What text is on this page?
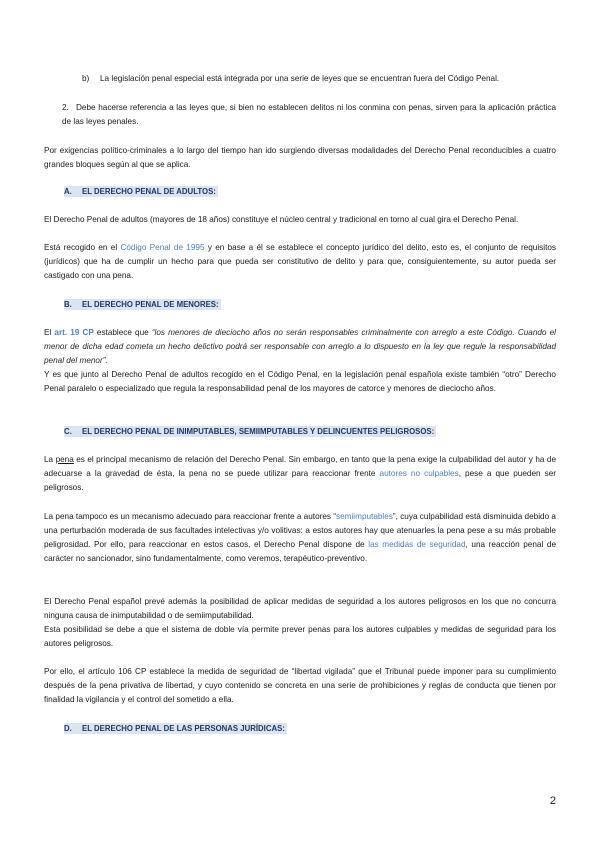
b) La legislación penal especial está integrada por una serie de leyes que se encuentran fuera del Código Penal.

2. Debe hacerse referencia a las leyes que, si bien no establecen delitos ni los conmina con penas, sirven para la aplicación práctica de las leyes penales.

Por exigencias político-criminales a lo largo del tiempo han ido surgiendo diversas modalidades del Derecho Penal reconducibles a cuatro grandes bloques según al que se aplica.

A. EL DERECHO PENAL DE ADULTOS:

El Derecho Penal de adultos (mayores de 18 años) constituye el núcleo central y tradicional en torno al cual gira el Derecho Penal.

Está recogido en el Código Penal de 1995 y en base a él se establece el concepto jurídico del delito, esto es, el conjunto de requisitos (jurídicos) que ha de cumplir un hecho para que pueda ser constitutivo de delito y para que, consiguientemente, su autor pueda ser castigado con una pena.

B. EL DERECHO PENAL DE MENORES:

El art. 19 CP establece que “los menores de dieciocho años no serán responsables criminalmente con arreglo a este Código. Cuando el menor de dicha edad cometa un hecho delictivo podrá ser responsable con arreglo a lo dispuesto en la ley que regule la responsabilidad penal del menor”.

Y es que junto al Derecho Penal de adultos recogido en el Código Penal, en la legislación penal española existe también “otro” Derecho Penal paralelo o especializado que regula la responsabilidad penal de los mayores de catorce y menores de dieciocho años.

C. EL DERECHO PENAL DE INIMPUTABLES, SEMIIMPUTABLES Y DELINCUENTES PELIGROSOS:

La pena es el principal mecanismo de relación del Derecho Penal. Sin embargo, en tanto que la pena exige la culpabilidad del autor y ha de adecuarse a la gravedad de ésta, la pena no se puede utilizar para reaccionar frente autores no culpables, pese a que pueden ser peligrosos.

La pena tampoco es un mecanismo adecuado para reaccionar frente a autores “semiimputables”, cuya culpabilidad está disminuida debido a una perturbación moderada de sus facultades intelectivas y/o volitivas: a estos autores hay que atenuarles la pena pese a su más probable peligrosidad. Por ello, para reaccionar en estos casos, el Derecho Penal dispone de las medidas de seguridad, una reacción penal de carácter no sancionador, sino fundamentalmente, como veremos, terapéutico-preventivo.

El Derecho Penal español prevé además la posibilidad de aplicar medidas de seguridad a los autores peligrosos en los que no concurra ninguna causa de inimputabilidad o de semiimputabilidad.

Esta posibilidad se debe a que el sistema de doble vía permite prever penas para los autores culpables y medidas de seguridad para los autores peligrosos.

Por ello, el artículo 106 CP establece la medida de seguridad de “libertad vigilada” que el Tribunal puede imponer para su cumplimiento después de la pena privativa de libertad, y cuyo contenido se concreta en una serie de prohibiciones y reglas de conducta que tienen por finalidad la vigilancia y el control del sometido a ella.

D. EL DERECHO PENAL DE LAS PERSONAS JURÍDICAS:
2
